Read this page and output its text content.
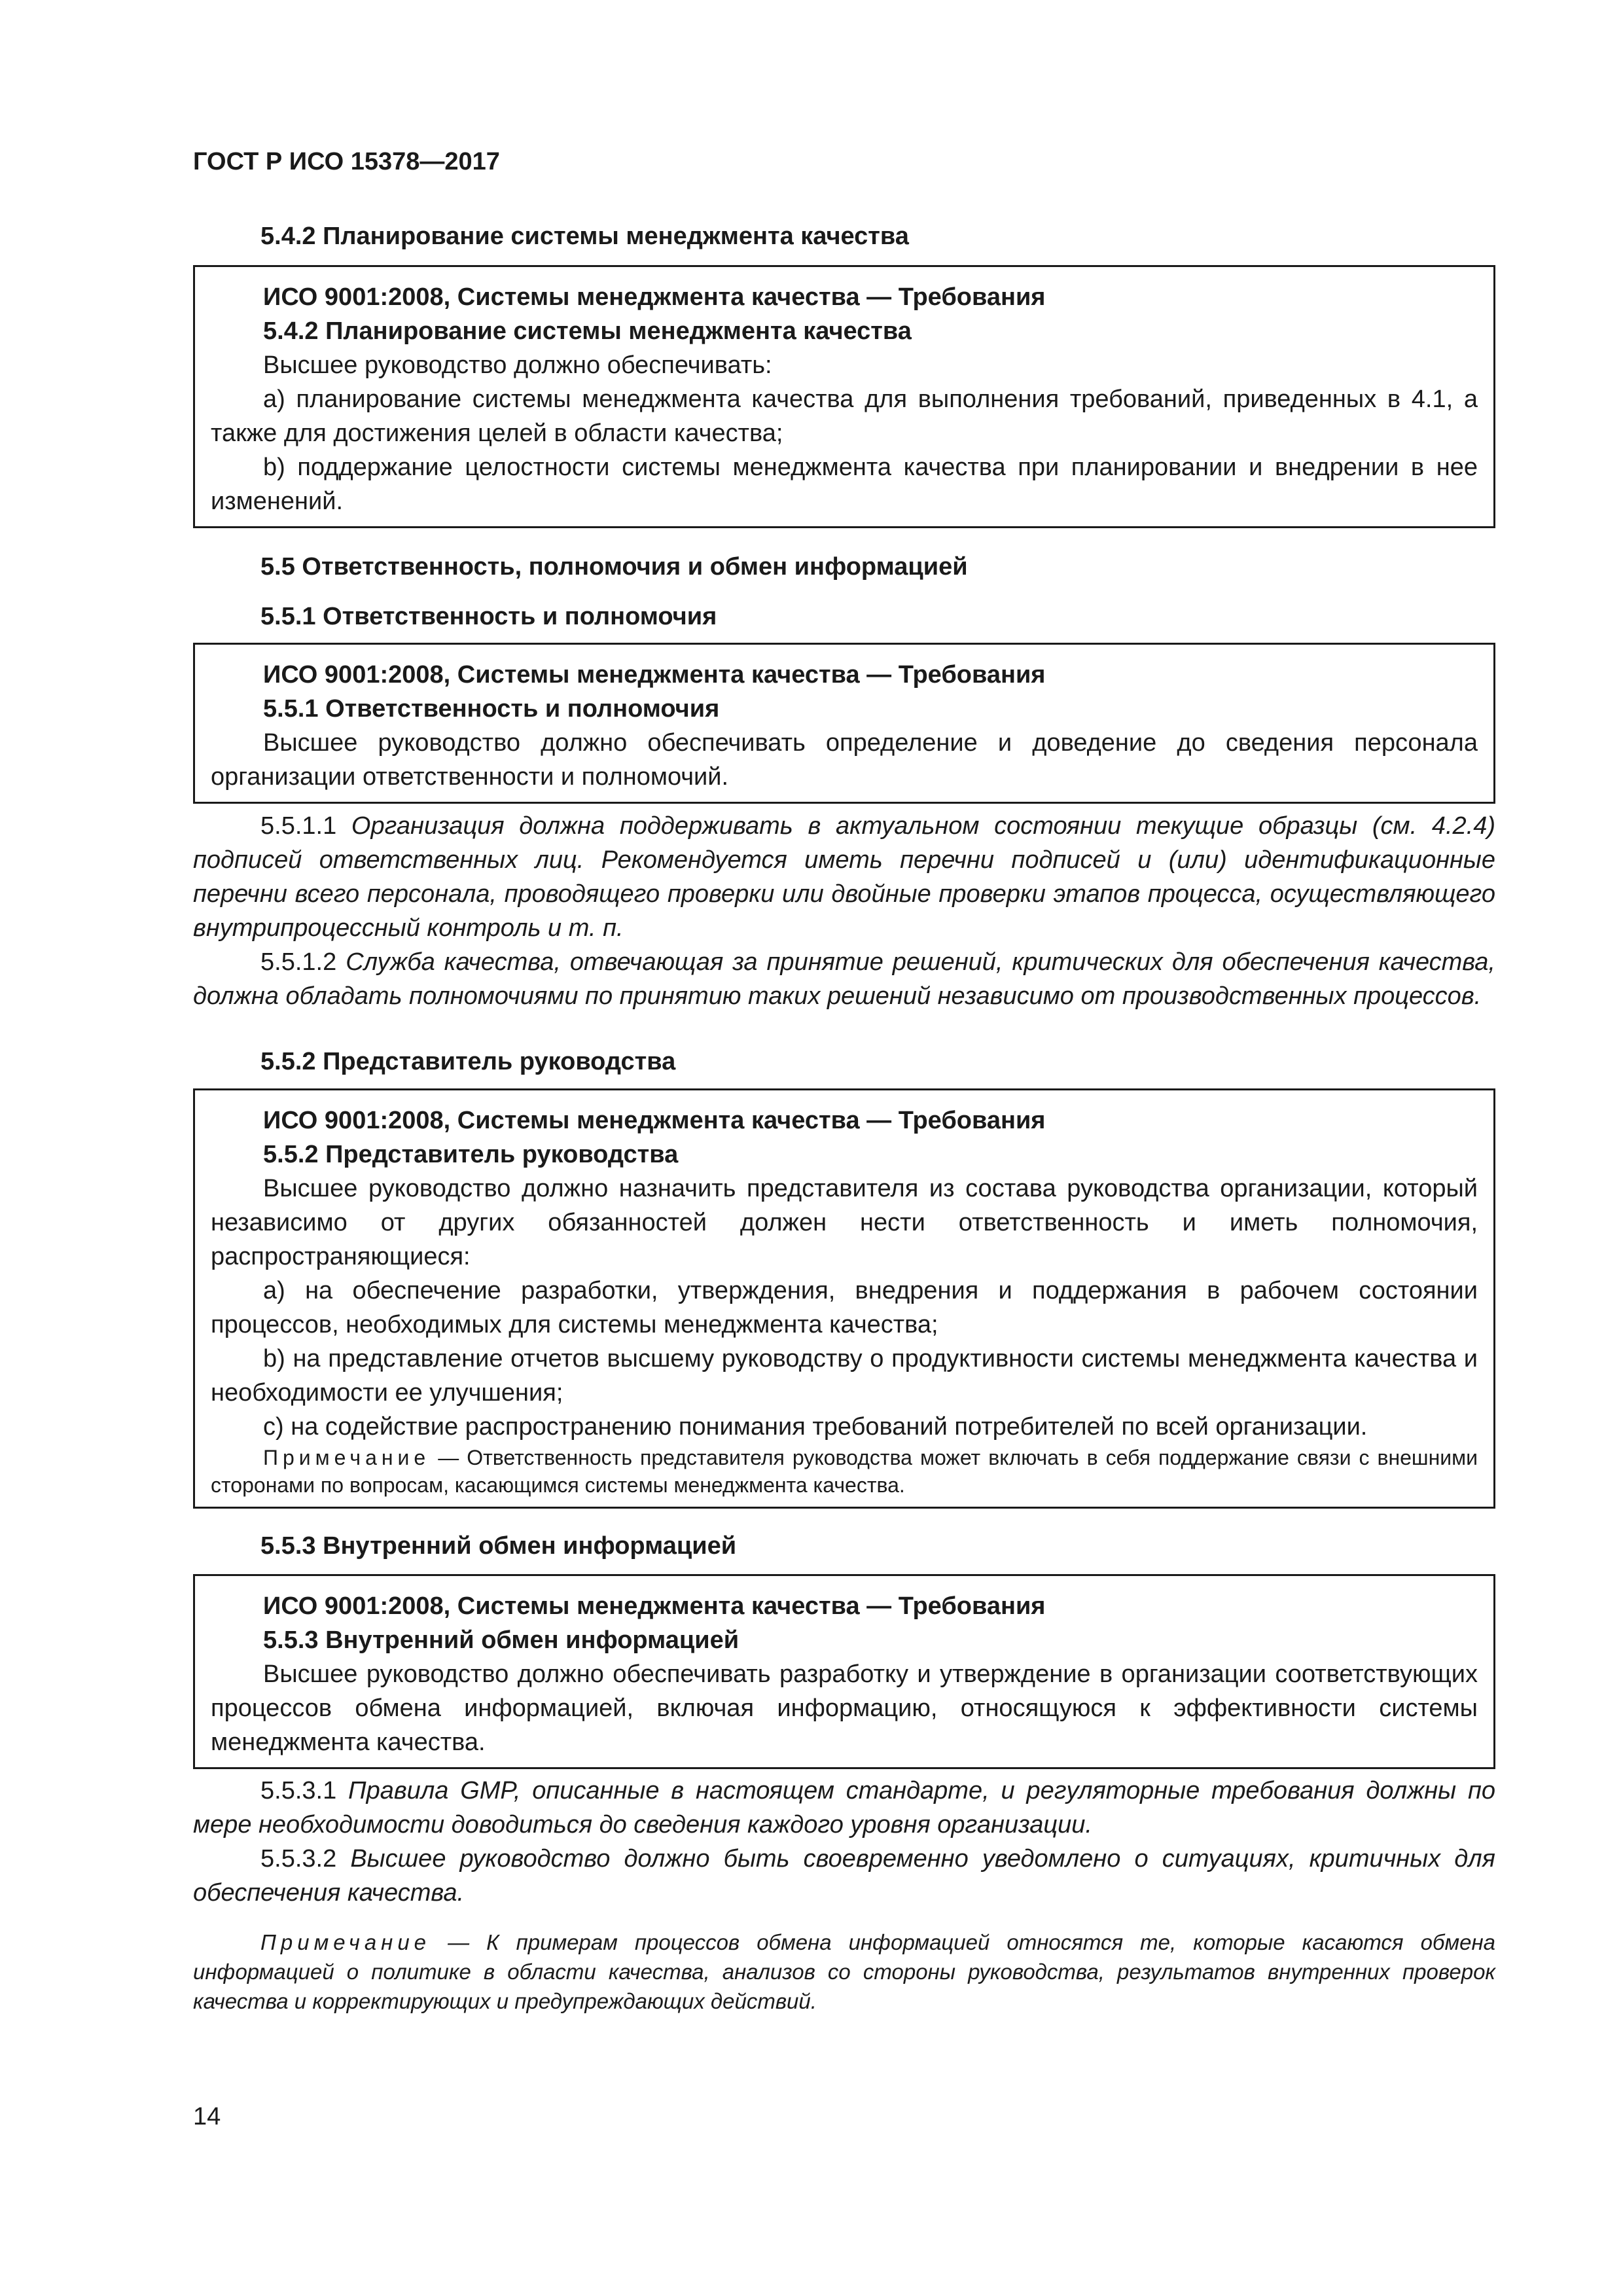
ГОСТ Р ИСО 15378—2017

5.4.2 Планирование системы менеджмента качества

ИСО 9001:2008, Системы менеджмента качества — Требования

5.4.2 Планирование системы менеджмента качества

Высшее руководство должно обеспечивать:

а) планирование системы менеджмента качества для выполнения требований, приведенных в 4.1, а также для достижения целей в области качества;

b) поддержание целостности системы менеджмента качества при планировании и внедрении в нее изменений.

5.5 Ответственность, полномочия и обмен информацией

5.5.1 Ответственность и полномочия

ИСО 9001:2008, Системы менеджмента качества — Требования

5.5.1 Ответственность и полномочия

Высшее руководство должно обеспечивать определение и доведение до сведения персонала организации ответственности и полномочий.

5.5.1.1 Организация должна поддерживать в актуальном состоянии текущие образцы (см. 4.2.4) подписей ответственных лиц. Рекомендуется иметь перечни подписей и (или) идентификационные перечни всего персонала, проводящего проверки или двойные проверки этапов процесса, осуществляющего внутрипроцессный контроль и т. п.

5.5.1.2 Служба качества, отвечающая за принятие решений, критических для обеспечения качества, должна обладать полномочиями по принятию таких решений независимо от производственных процессов.

5.5.2 Представитель руководства

ИСО 9001:2008, Системы менеджмента качества — Требования

5.5.2 Представитель руководства

Высшее руководство должно назначить представителя из состава руководства организации, который независимо от других обязанностей должен нести ответственность и иметь полномочия, распространяющиеся:

а) на обеспечение разработки, утверждения, внедрения и поддержания в рабочем состоянии процессов, необходимых для системы менеджмента качества;

b) на представление отчетов высшему руководству о продуктивности системы менеджмента качества и необходимости ее улучшения;

с) на содействие распространению понимания требований потребителей по всей организации.

Примечание — Ответственность представителя руководства может включать в себя поддержание связи с внешними сторонами по вопросам, касающимся системы менеджмента качества.

5.5.3 Внутренний обмен информацией

ИСО 9001:2008, Системы менеджмента качества — Требования

5.5.3 Внутренний обмен информацией

Высшее руководство должно обеспечивать разработку и утверждение в организации соответствующих процессов обмена информацией, включая информацию, относящуюся к эффективности системы менеджмента качества.

5.5.3.1 Правила GMP, описанные в настоящем стандарте, и регуляторные требования должны по мере необходимости доводиться до сведения каждого уровня организации.

5.5.3.2 Высшее руководство должно быть своевременно уведомлено о ситуациях, критичных для обеспечения качества.

Примечание — К примерам процессов обмена информацией относятся те, которые касаются обмена информацией о политике в области качества, анализов со стороны руководства, результатов внутренних проверок качества и корректирующих и предупреждающих действий.

14
